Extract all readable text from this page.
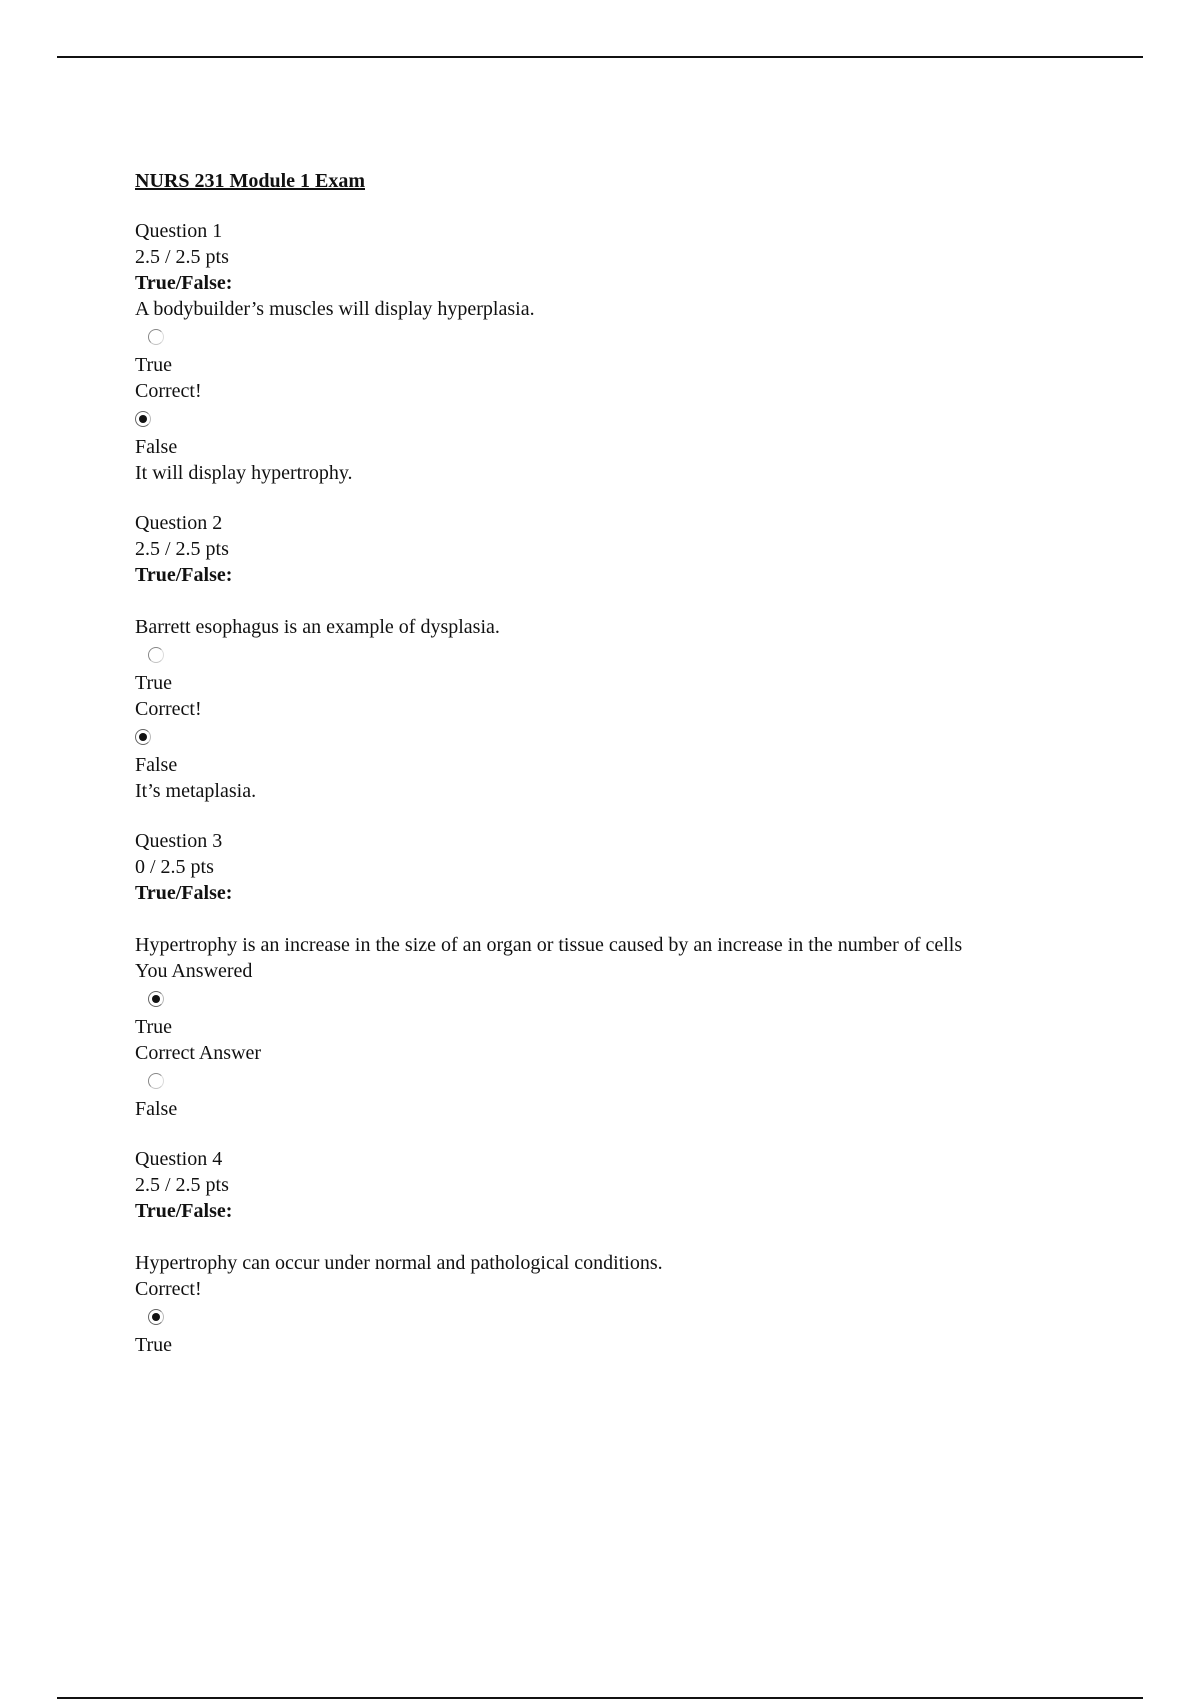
NURS 231 Module 1 Exam
Question 1
2.5 / 2.5 pts
True/False:
A bodybuilder’s muscles will display hyperplasia.
True
Correct!
False
It will display hypertrophy.
Question 2
2.5 / 2.5 pts
True/False:
Barrett esophagus is an example of dysplasia.
True
Correct!
False
It’s metaplasia.
Question 3
0 / 2.5 pts
True/False:
Hypertrophy is an increase in the size of an organ or tissue caused by an increase in the number of cells
You Answered
True
Correct Answer
False
Question 4
2.5 / 2.5 pts
True/False:
Hypertrophy can occur under normal and pathological conditions.
Correct!
True
